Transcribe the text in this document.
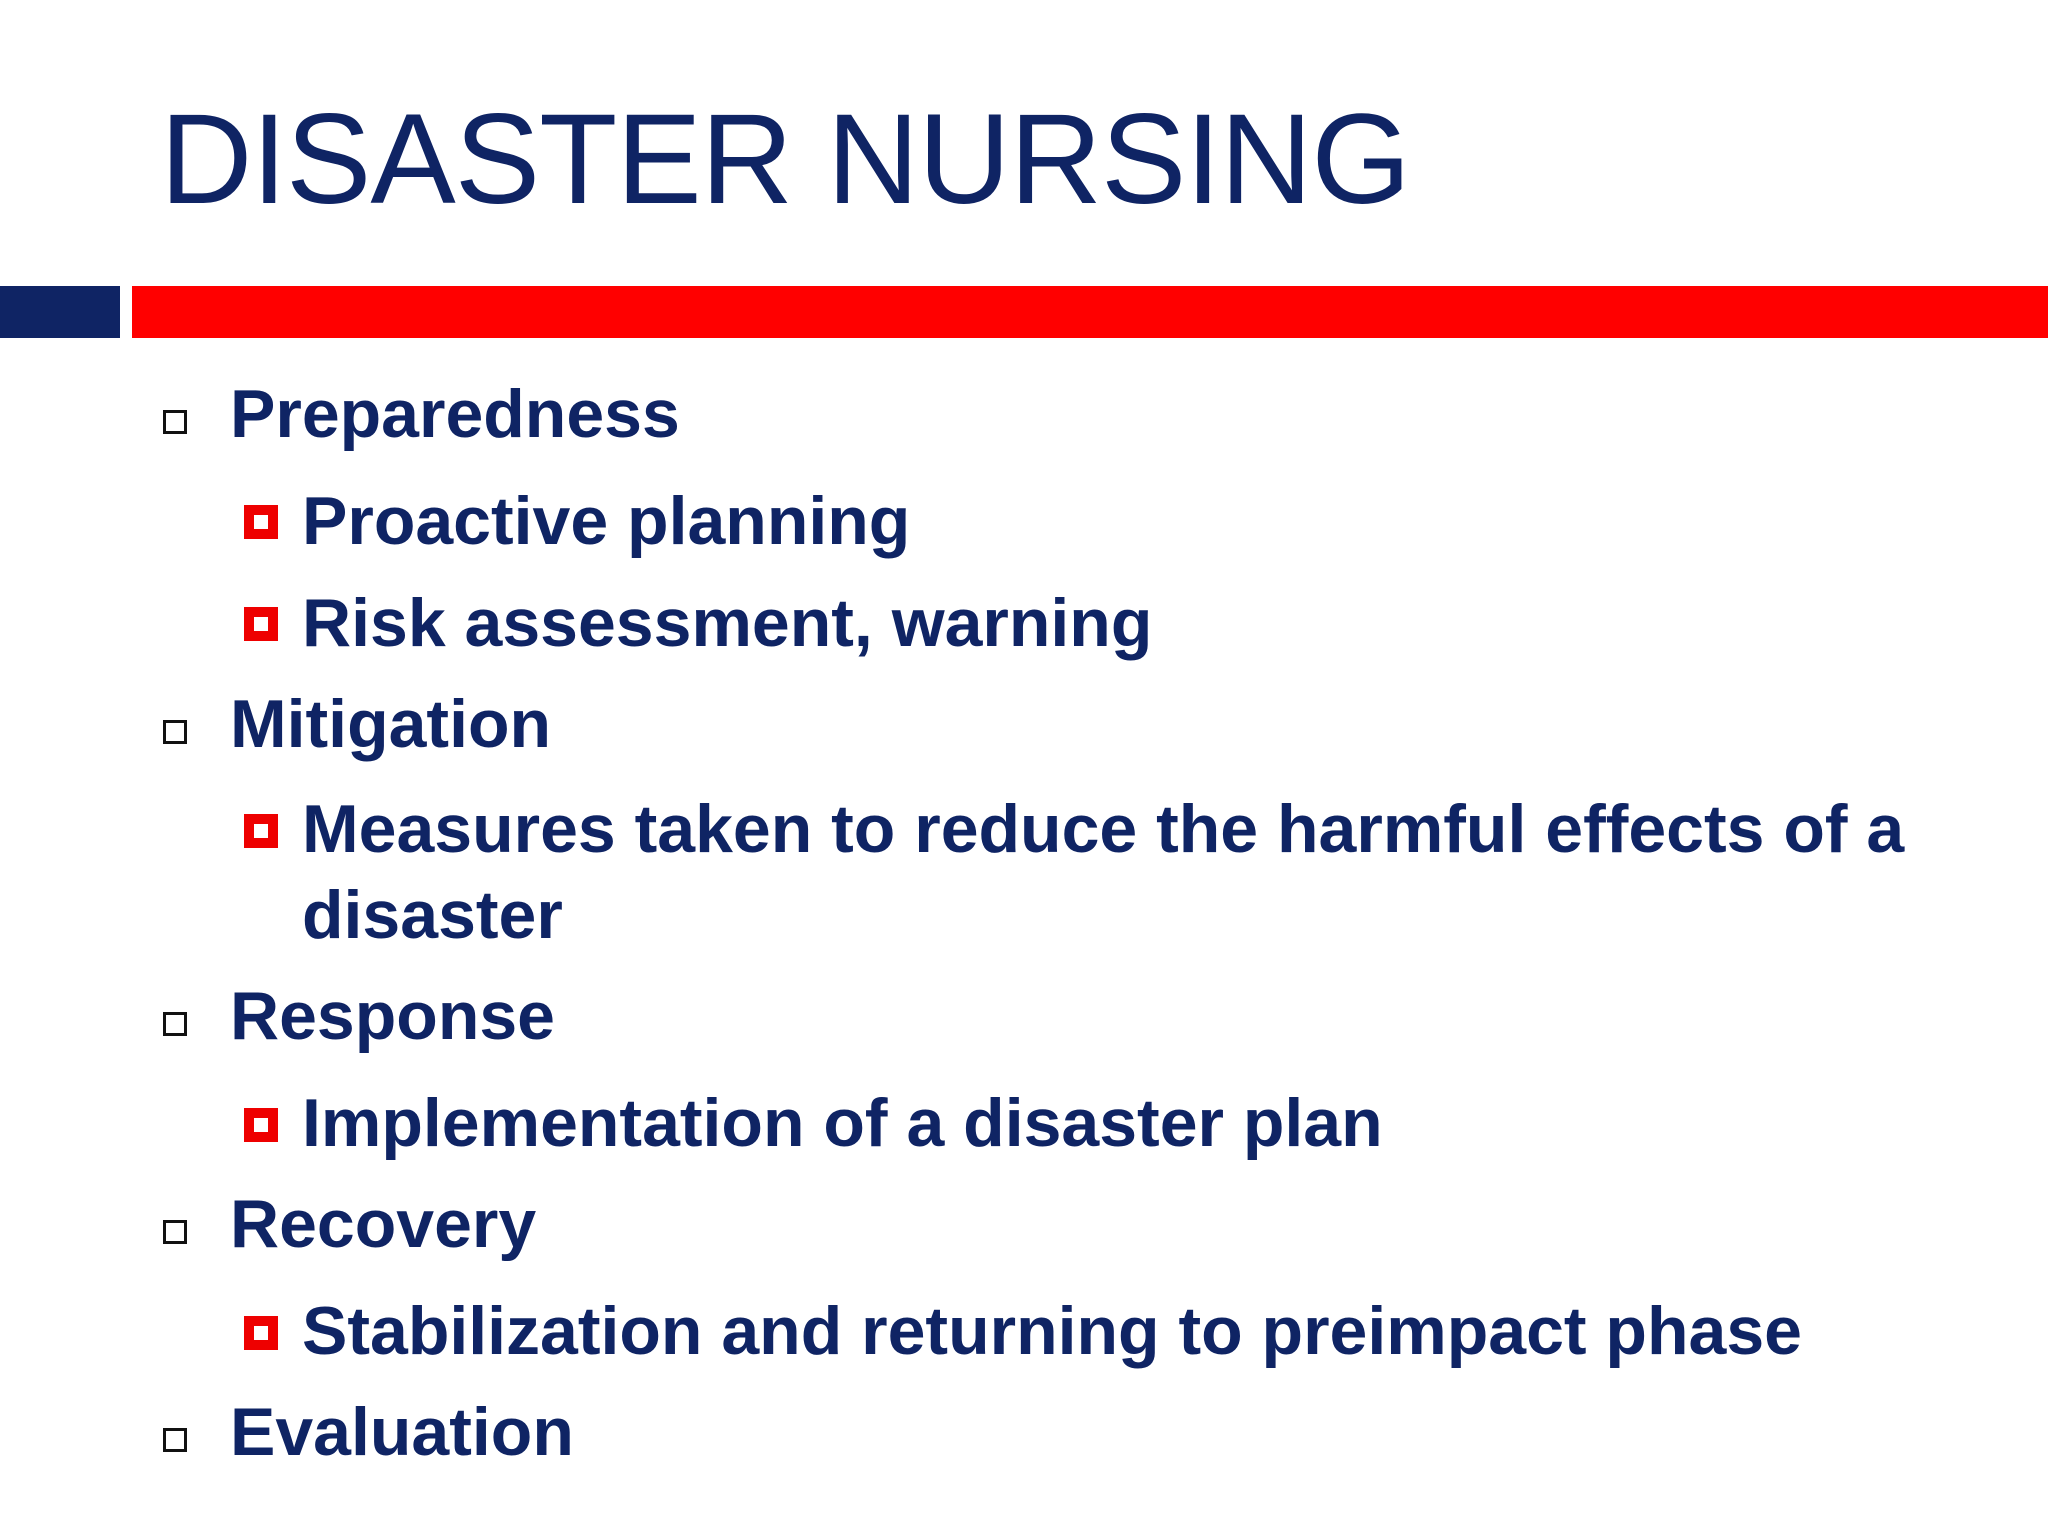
DISASTER NURSING
Preparedness
Proactive planning
Risk assessment, warning
Mitigation
Measures taken to reduce the harmful effects of a disaster
Response
Implementation of a disaster plan
Recovery
Stabilization and returning to preimpact phase
Evaluation
